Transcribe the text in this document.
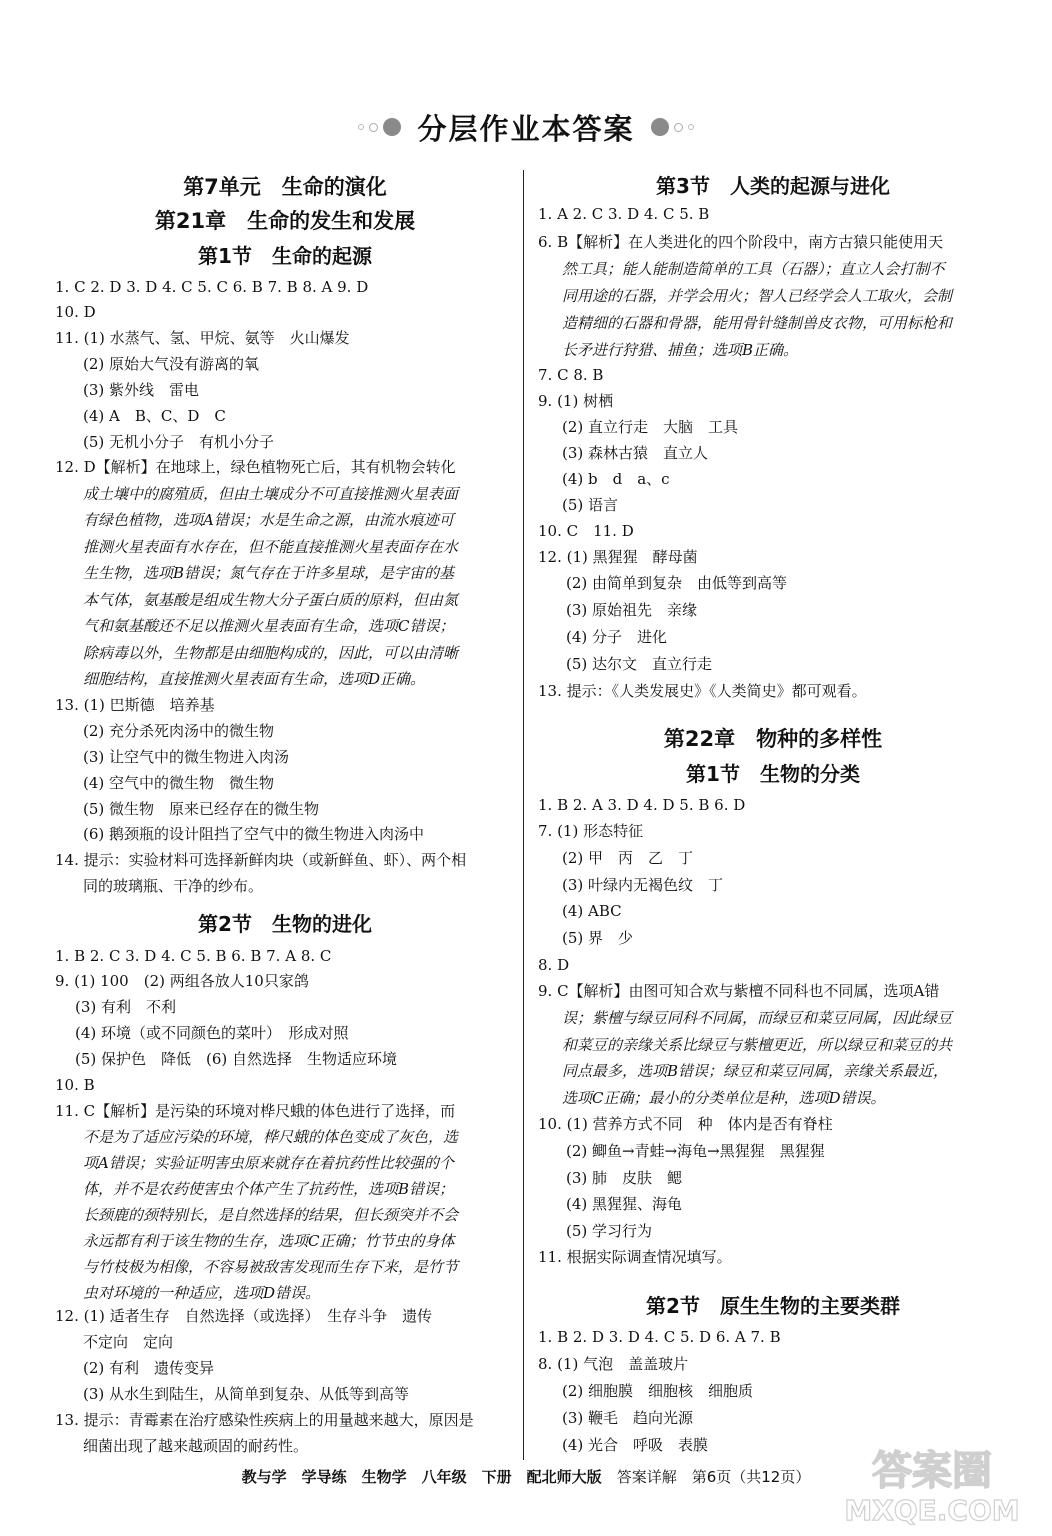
分层作业本答案
第7单元　生命的演化
第21章　生命的发生和发展
第1节　生命的起源
1. C 2. D 3. D 4. C 5. C 6. B 7. B 8. A 9. D
10. D
11. (1) 水蒸气、氢、甲烷、氨等　火山爆发
(2) 原始大气没有游离的氧
(3) 紫外线　雷电
(4) A　B、C、D　C
(5) 无机小分子　有机小分子
12. D【解析】在地球上，绿色植物死亡后，其有机物会转化
成土壤中的腐殖质，但由土壤成分不可直接推测火星表面
有绿色植物，选项A错误；水是生命之源，由流水痕迹可
推测火星表面有水存在，但不能直接推测火星表面存在水
生生物，选项B错误；氮气存在于许多星球，是宇宙的基
本气体，氨基酸是组成生物大分子蛋白质的原料，但由氮
气和氨基酸还不足以推测火星表面有生命，选项C错误；
除病毒以外，生物都是由细胞构成的，因此，可以由清晰
细胞结构，直接推测火星表面有生命，选项D正确。
13. (1) 巴斯德　培养基
(2) 充分杀死肉汤中的微生物
(3) 让空气中的微生物进入肉汤
(4) 空气中的微生物　微生物
(5) 微生物　原来已经存在的微生物
(6) 鹅颈瓶的设计阻挡了空气中的微生物进入肉汤中
14. 提示：实验材料可选择新鲜肉块（或新鲜鱼、虾）、两个相
同的玻璃瓶、干净的纱布。
第2节　生物的进化
1. B 2. C 3. D 4. C 5. B 6. B 7. A 8. C
9. (1) 100　(2) 两组各放人10只家鸽
(3) 有利　不利
(4) 环境（或不同颜色的菜叶）　形成对照
(5) 保护色　降低　(6) 自然选择　生物适应环境
10. B
11. C【解析】是污染的环境对桦尺蛾的体色进行了选择，而
不是为了适应污染的环境，桦尺蛾的体色变成了灰色，选
项A错误；实验证明害虫原来就存在着抗药性比较强的个
体，并不是农药使害虫个体产生了抗药性，选项B错误；
长颈鹿的颈特别长，是自然选择的结果，但长颈突并不会
永远都有利于该生物的生存，选项C正确；竹节虫的身体
与竹枝极为相像，不容易被敌害发现而生存下来，是竹节
虫对环境的一种适应，选项D错误。
12. (1) 适者生存　自然选择（或选择）　生存斗争　遗传
不定向　定向
(2) 有利　遗传变异
(3) 从水生到陆生，从简单到复杂、从低等到高等
13. 提示：青霉素在治疗感染性疾病上的用量越来越大，原因是
细菌出现了越来越顽固的耐药性。
第3节　人类的起源与进化
1. A 2. C 3. D 4. C 5. B
6. B【解析】在人类进化的四个阶段中，南方古猿只能使用天
然工具；能人能制造简单的工具（石器）；直立人会打制不
同用途的石器，并学会用火；智人已经学会人工取火，会制
造精细的石器和骨器，能用骨针缝制兽皮衣物，可用标枪和
长矛进行狩猎、捕鱼；选项B正确。
7. C 8. B
9. (1) 树栖
(2) 直立行走　大脑　工具
(3) 森林古猿　直立人
(4) b　d　a、c
(5) 语言
10. C　11. D
12. (1) 黑猩猩　酵母菌
(2) 由简单到复杂　由低等到高等
(3) 原始祖先　亲缘
(4) 分子　进化
(5) 达尔文　直立行走
13. 提示：《人类发展史》《人类简史》都可观看。
第22章　物种的多样性
第1节　生物的分类
1. B 2. A 3. D 4. D 5. B 6. D
7. (1) 形态特征
(2) 甲　丙　乙　丁
(3) 叶绿内无褐色纹　丁
(4) ABC
(5) 界　少
8. D
9. C【解析】由图可知合欢与紫檀不同科也不同属，选项A错
误；紫檀与绿豆同科不同属，而绿豆和菜豆同属，因此绿豆
和菜豆的亲缘关系比绿豆与紫檀更近，所以绿豆和菜豆的共
同点最多，选项B错误；绿豆和菜豆同属，亲缘关系最近，
选项C正确；最小的分类单位是种，选项D错误。
10. (1) 营养方式不同　种　体内是否有脊柱
(2) 鲫鱼→青蛙→海龟→黑猩猩　黑猩猩
(3) 肺　皮肤　鳃
(4) 黑猩猩、海龟
(5) 学习行为
11. 根据实际调查情况填写。
第2节　原生生物的主要类群
1. B 2. D 3. D 4. C 5. D 6. A 7. B
8. (1) 气泡　盖盖玻片
(2) 细胞膜　细胞核　细胞质
(3) 鞭毛　趋向光源
(4) 光合　呼吸　表膜
教与学　学导练　生物学　八年级　下册　配北师大版　答案详解　第6页（共12页）	答案圈
MXQE.COM
